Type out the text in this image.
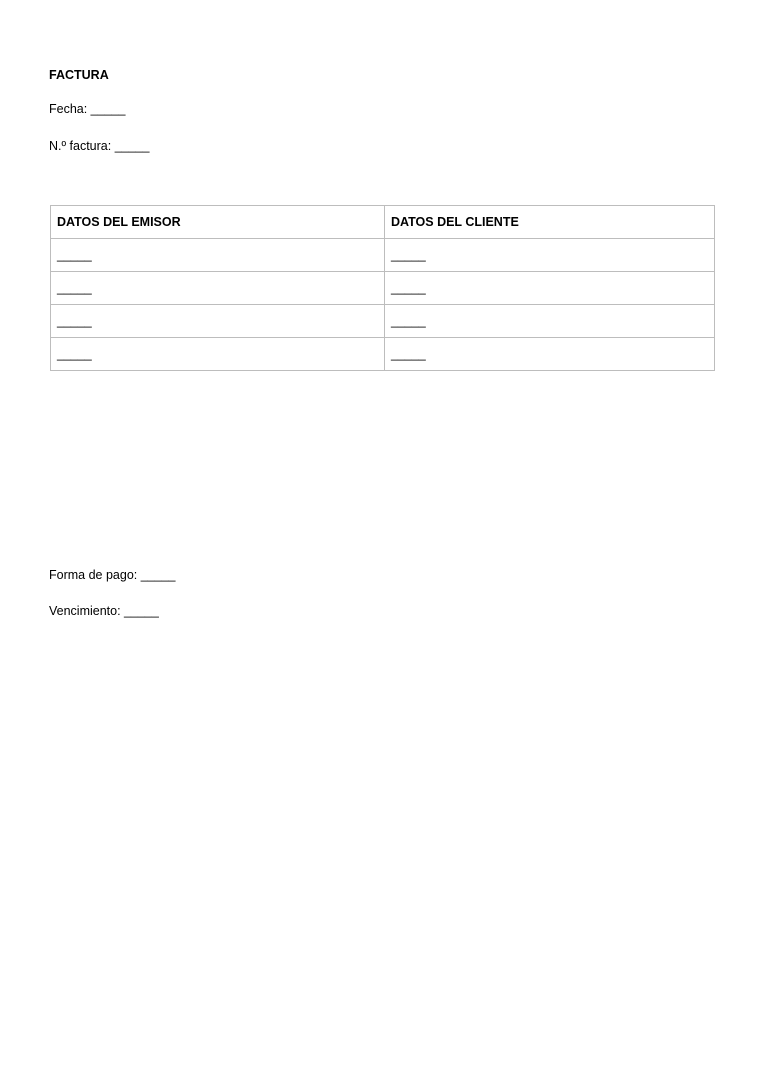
FACTURA

Fecha: _____
N.º factura: _____
DATOS DEL EMISOR	DATOS DEL CLIENTE
_____	_____
_____	_____
_____	_____
_____	_____
Forma de pago: _____
Vencimiento: _____
